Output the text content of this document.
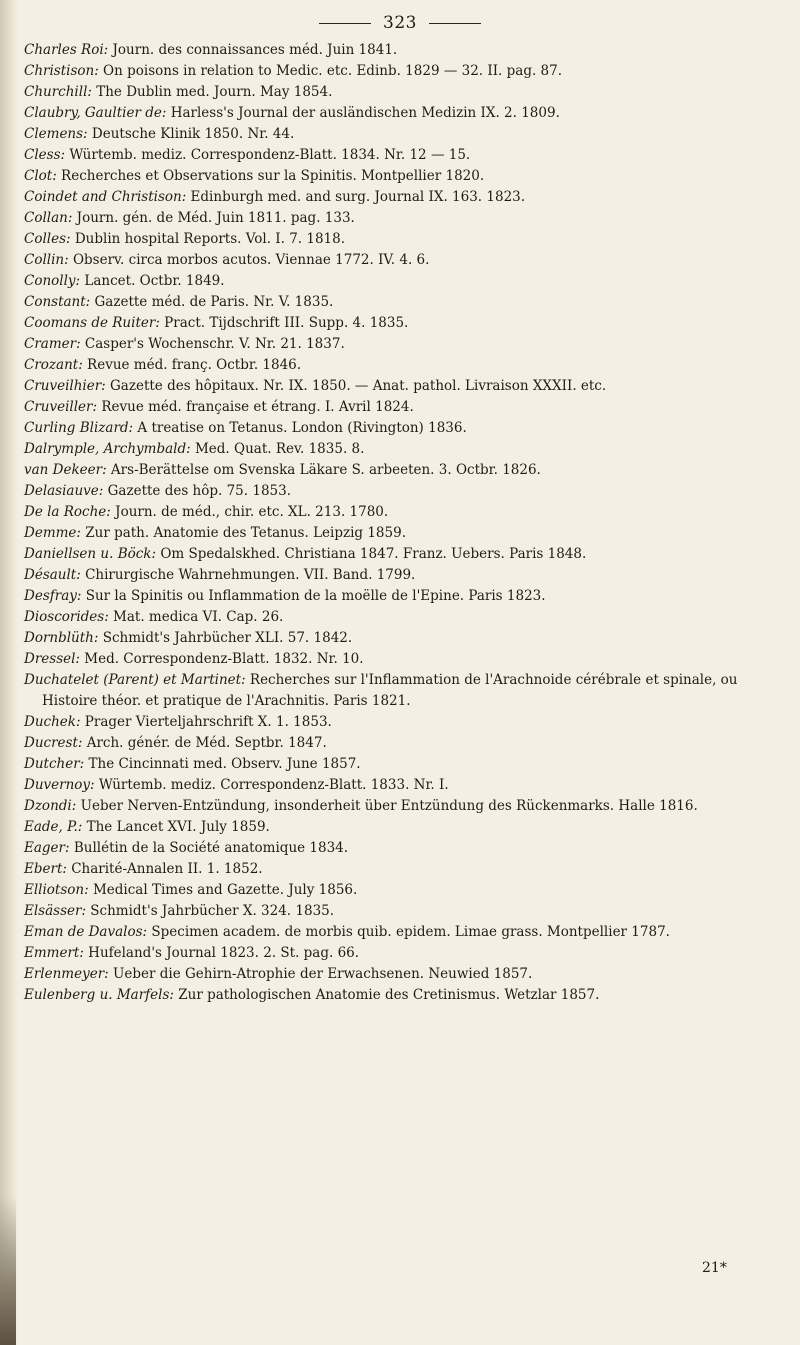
323
Charles Roi: Journ. des connaissances méd. Juin 1841.
Christison: On poisons in relation to Medic. etc. Edinb. 1829 — 32. II. pag. 87.
Churchill: The Dublin med. Journ. May 1854.
Claubry, Gaultier de: Harless's Journal der ausländischen Medizin IX. 2. 1809.
Clemens: Deutsche Klinik 1850. Nr. 44.
Cless: Würtemb. mediz. Correspondenz-Blatt. 1834. Nr. 12 — 15.
Clot: Recherches et Observations sur la Spinitis. Montpellier 1820.
Coindet and Christison: Edinburgh med. and surg. Journal IX. 163. 1823.
Collan: Journ. gén. de Méd. Juin 1811. pag. 133.
Colles: Dublin hospital Reports. Vol. I. 7. 1818.
Collin: Observ. circa morbos acutos. Viennae 1772. IV. 4. 6.
Conolly: Lancet. Octbr. 1849.
Constant: Gazette méd. de Paris. Nr. V. 1835.
Coomans de Ruiter: Pract. Tijdschrift III. Supp. 4. 1835.
Cramer: Casper's Wochenschr. V. Nr. 21. 1837.
Crozant: Revue méd. franç. Octbr. 1846.
Cruveilhier: Gazette des hôpitaux. Nr. IX. 1850. — Anat. pathol. Livraison XXXII. etc.
Cruveiller: Revue méd. française et étrang. I. Avril 1824.
Curling Blizard: A treatise on Tetanus. London (Rivington) 1836.
Dalrymple, Archymbald: Med. Quat. Rev. 1835. 8.
van Dekeer: Ars-Berättelse om Svenska Läkare S. arbeeten. 3. Octbr. 1826.
Delasiauve: Gazette des hôp. 75. 1853.
De la Roche: Journ. de méd., chir. etc. XL. 213. 1780.
Demme: Zur path. Anatomie des Tetanus. Leipzig 1859.
Daniellsen u. Böck: Om Spedalskhed. Christiana 1847. Franz. Uebers. Paris 1848.
Désault: Chirurgische Wahrnehmungen. VII. Band. 1799.
Desfray: Sur la Spinitis ou Inflammation de la moëlle de l'Epine. Paris 1823.
Dioscorides: Mat. medica VI. Cap. 26.
Dornblüth: Schmidt's Jahrbücher XLI. 57. 1842.
Dressel: Med. Correspondenz-Blatt. 1832. Nr. 10.
Duchatelet (Parent) et Martinet: Recherches sur l'Inflammation de l'Arachnoide cérébrale et spinale, ou Histoire théor. et pratique de l'Arachnitis. Paris 1821.
Duchek: Prager Vierteljahrschrift X. 1. 1853.
Ducrest: Arch. génér. de Méd. Septbr. 1847.
Dutcher: The Cincinnati med. Observ. June 1857.
Duvernoy: Würtemb. mediz. Correspondenz-Blatt. 1833. Nr. I.
Dzondi: Ueber Nerven-Entzündung, insonderheit über Entzündung des Rückenmarks. Halle 1816.
Eade, P.: The Lancet XVI. July 1859.
Eager: Bullétin de la Société anatomique 1834.
Ebert: Charité-Annalen II. 1. 1852.
Elliotson: Medical Times and Gazette. July 1856.
Elsässer: Schmidt's Jahrbücher X. 324. 1835.
Eman de Davalos: Specimen academ. de morbis quib. epidem. Limae grass. Montpellier 1787.
Emmert: Hufeland's Journal 1823. 2. St. pag. 66.
Erlenmeyer: Ueber die Gehirn-Atrophie der Erwachsenen. Neuwied 1857.
Eulenberg u. Marfels: Zur pathologischen Anatomie des Cretinismus. Wetzlar 1857.
21*
